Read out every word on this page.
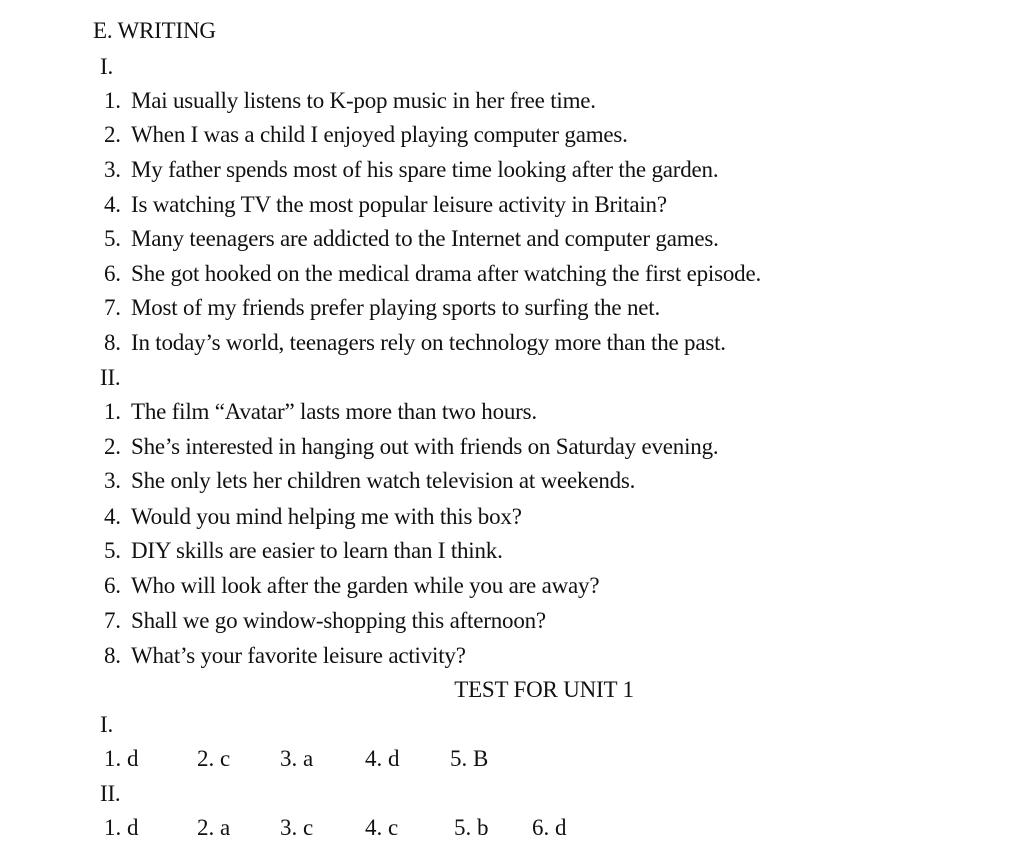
E. WRITING
I.
1. Mai usually listens to K-pop music in her free time.
2. When I was a child I enjoyed playing computer games.
3. My father spends most of his spare time looking after the garden.
4. Is watching TV the most popular leisure activity in Britain?
5. Many teenagers are addicted to the Internet and computer games.
6. She got hooked on the medical drama after watching the first episode.
7. Most of my friends prefer playing sports to surfing the net.
8. In today’s world, teenagers rely on technology more than the past.
II.
1. The film “Avatar” lasts more than two hours.
2. She’s interested in hanging out with friends on Saturday evening.
3. She only lets her children watch television at weekends.
4. Would you mind helping me with this box?
5. DIY skills are easier to learn than I think.
6. Who will look after the garden while you are away?
7. Shall we go window-shopping this afternoon?
8. What’s your favorite leisure activity?
TEST FOR UNIT 1
I.
1. d	2. c 3. a 4. d 5. B
II.
1. d	2. a 3. c 4. c 5. b 6. d
